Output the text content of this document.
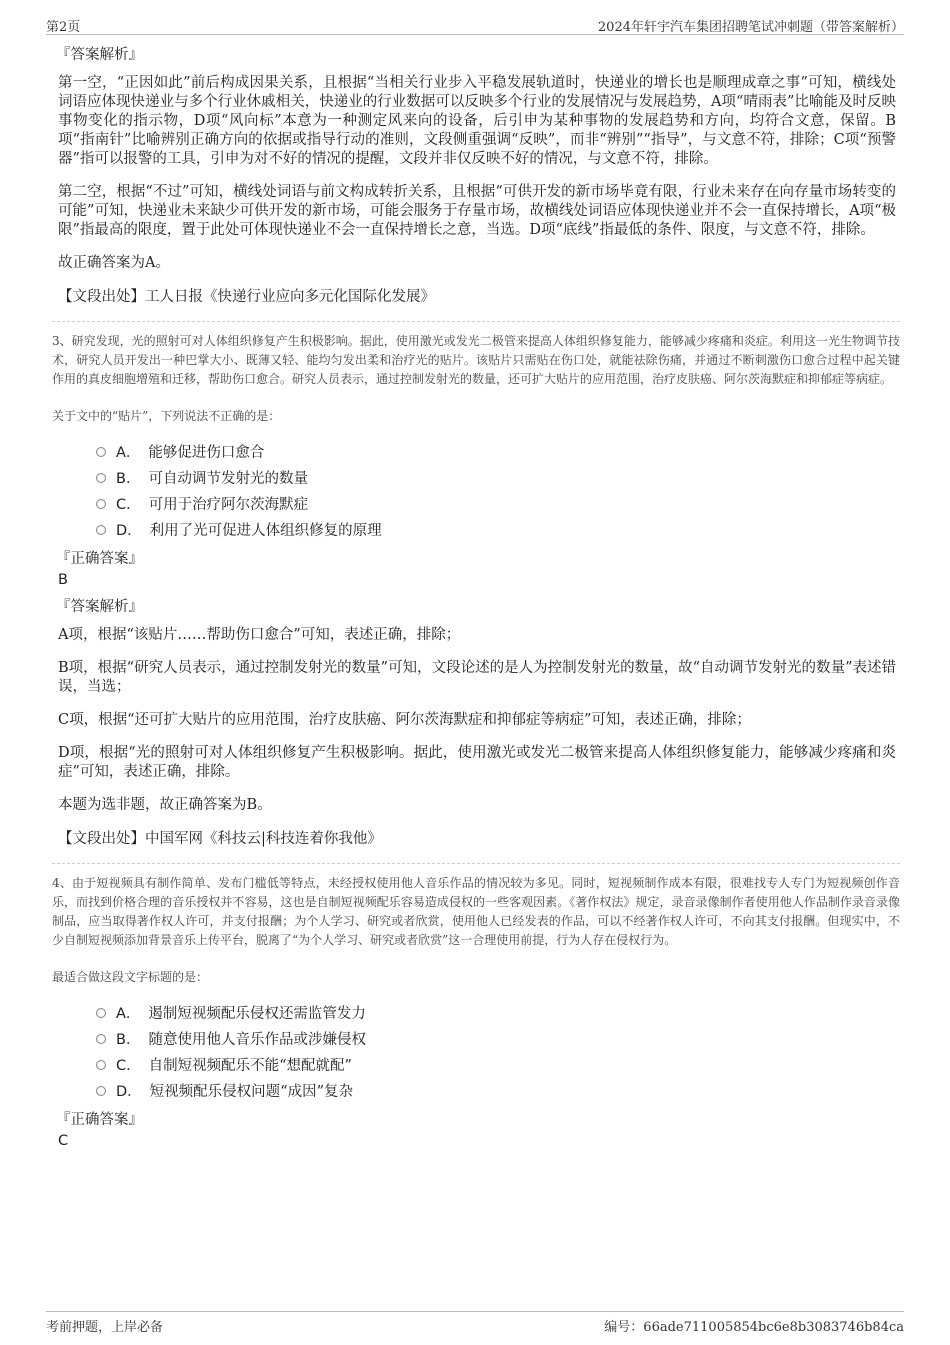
第2页	2024年轩宇汽车集团招聘笔试冲刺题（带答案解析）
『答案解析』

第一空，“正因如此”前后构成因果关系，且根据“当相关行业步入平稳发展轨道时，快递业的增长也是顺理成章之事”可知，横线处词语应体现快递业与多个行业休戚相关，快递业的行业数据可以反映多个行业的发展情况与发展趋势，A项“晴雨表”比喻能及时反映事物变化的指示物，D项“风向标”本意为一种测定风来向的设备，后引申为某种事物的发展趋势和方向，均符合文意，保留。B项“指南针”比喻辨别正确方向的依据或指导行动的准则，文段侧重强调“反映”，而非“辨别”“指导”，与文意不符，排除；C项“预警器”指可以报警的工具，引申为对不好的情况的提醒，文段并非仅反映不好的情况，与文意不符，排除。

第二空，根据“不过”可知，横线处词语与前文构成转折关系，且根据“可供开发的新市场毕竟有限，行业未来存在向存量市场转变的可能”可知，快递业未来缺少可供开发的新市场，可能会服务于存量市场，故横线处词语应体现快递业并不会一直保持增长，A项“极限”指最高的限度，置于此处可体现快递业不会一直保持增长之意，当选。D项“底线”指最低的条件、限度，与文意不符，排除。

故正确答案为A。

【文段出处】工人日报《快递行业应向多元化国际化发展》

3、研究发现，光的照射可对人体组织修复产生积极影响。据此，使用激光或发光二极管来提高人体组织修复能力，能够减少疼痛和炎症。利用这一光生物调节技术，研究人员开发出一种巴掌大小、既薄又轻、能均匀发出柔和治疗光的贴片。该贴片只需贴在伤口处，就能祛除伤痛，并通过不断刺激伤口愈合过程中起关键作用的真皮细胞增殖和迁移，帮助伤口愈合。研究人员表示，通过控制发射光的数量，还可扩大贴片的应用范围，治疗皮肤癌、阿尔茨海默症和抑郁症等病症。

关于文中的“贴片”，下列说法不正确的是：

A． 能够促进伤口愈合
B． 可自动调节发射光的数量
C． 可用于治疗阿尔茨海默症
D． 利用了光可促进人体组织修复的原理
『正确答案』
B
『答案解析』

A项，根据“该贴片……帮助伤口愈合”可知，表述正确，排除；

B项，根据“研究人员表示，通过控制发射光的数量”可知，文段论述的是人为控制发射光的数量，故“自动调节发射光的数量”表述错误，当选；

C项，根据“还可扩大贴片的应用范围，治疗皮肤癌、阿尔茨海默症和抑郁症等病症”可知，表述正确，排除；

D项，根据“光的照射可对人体组织修复产生积极影响。据此，使用激光或发光二极管来提高人体组织修复能力，能够减少疼痛和炎症”可知，表述正确，排除。

本题为选非题，故正确答案为B。

【文段出处】中国军网《科技云|科技连着你我他》

4、由于短视频具有制作简单、发布门槛低等特点，未经授权使用他人音乐作品的情况较为多见。同时，短视频制作成本有限，很难找专人专门为短视频创作音乐，而找到价格合理的音乐授权并不容易，这也是自制短视频配乐容易造成侵权的一些客观因素。《著作权法》规定，录音录像制作者使用他人作品制作录音录像制品，应当取得著作权人许可，并支付报酬；为个人学习、研究或者欣赏，使用他人已经发表的作品，可以不经著作权人许可，不向其支付报酬。但现实中，不少自制短视频添加背景音乐上传平台，脱离了“为个人学习、研究或者欣赏”这一合理使用前提，行为人存在侵权行为。

最适合做这段文字标题的是：

A． 遏制短视频配乐侵权还需监管发力
B． 随意使用他人音乐作品或涉嫌侵权
C． 自制短视频配乐不能“想配就配”
D． 短视频配乐侵权问题“成因”复杂
『正确答案』
C
考前押题，上岸必备	编号：66ade711005854bc6e8b3083746b84ca
